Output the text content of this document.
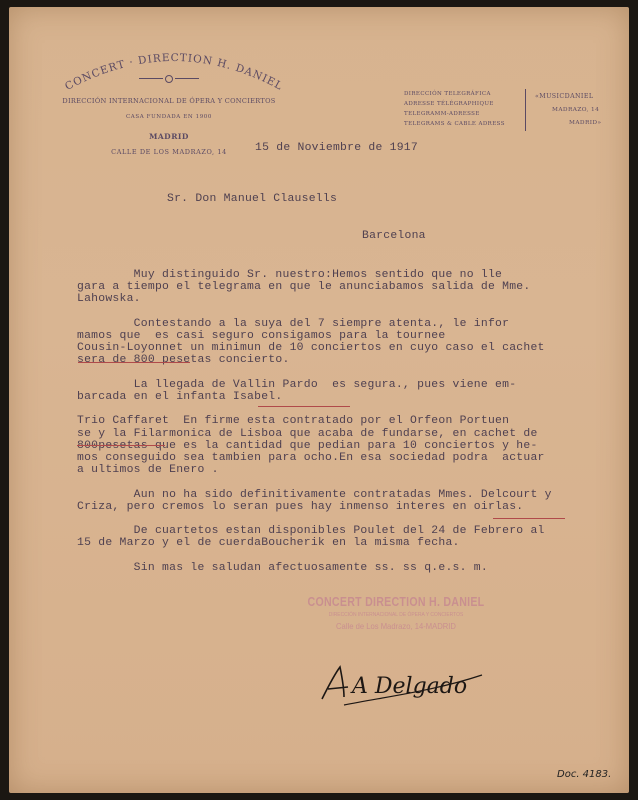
CONCERT · DIRECTION H. DANIEL
DIRECCIÓN INTERNACIONAL DE ÓPERA Y CONCIERTOS
CASA FUNDADA EN 1900
MADRID
CALLE DE LOS MADRAZO, 14
DIRECCIÓN TELEGRÁFICA
ADRESSE TÉLÉGRAPHIQUE
TELEGRAMM-ADRESSE
TELEGRAMS & CABLE ADRESS
«MUSICDANIEL
MADRAZO, 14
MADRID»
15 de Noviembre de 1917
Sr. Don Manuel Clausells
Barcelona
Muy distinguido Sr. nuestro:Hemos sentido que no lle
gara a tiempo el telegrama en que le anunciabamos salida de Mme.
Lahowska.
Contestando a la suya del 7 siempre atenta., le infor
mamos que  es casi seguro consigamos para la tournee
Cousin-Loyonnet un minimun de 10 conciertos en cuyo caso el cachet
sera de 800 pesetas concierto.
La llegada de Vallin Pardo  es segura., pues viene em-
barcada en el infanta Isabel.
Trio Caffaret  En firme esta contratado por el Orfeon Portuen
se y la Filarmonica de Lisboa que acaba de fundarse, en cachet de
800pesetas que es la cantidad que pedian para 10 conciertos y he-
mos conseguido sea tambien para ocho.En esa sociedad podra  actuar
a ultimos de Enero .
Aun no ha sido definitivamente contratadas Mmes. Delcourt y
Criza, pero cremos lo seran pues hay inmenso interes en oirlas.
De cuartetos estan disponibles Poulet del 24 de Febrero al
15 de Marzo y el de cuerdaBoucherik en la misma fecha.
Sin mas le saludan afectuosamente ss. ss q.e.s. m.
CONCERT DIRECTION H. DANIEL
DIRECCIÓN INTERNACIONAL DE ÓPERA Y CONCIERTOS
Calle de Los Madrazo, 14-MADRID
A Delgado
Doc. 4183.
